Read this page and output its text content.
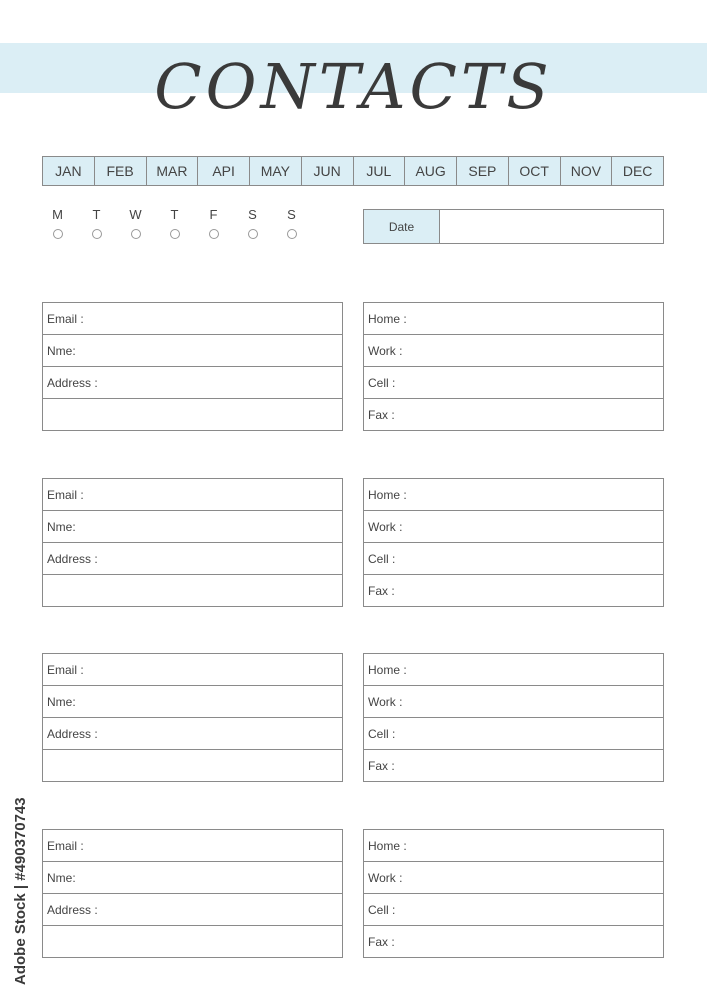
CONTACTS
JAN	FEB	MAR	API	MAY	JUN	JUL	AUG	SEP	OCT	NOV	DEC
M T W T F S S
Date
Email :
Nme:
Address :
Home :
Work :
Cell :
Fax :
Email :
Nme:
Address :
Home :
Work :
Cell :
Fax :
Email :
Nme:
Address :
Home :
Work :
Cell :
Fax :
Email :
Nme:
Address :
Home :
Work :
Cell :
Fax :
Adobe Stock | #490370743
